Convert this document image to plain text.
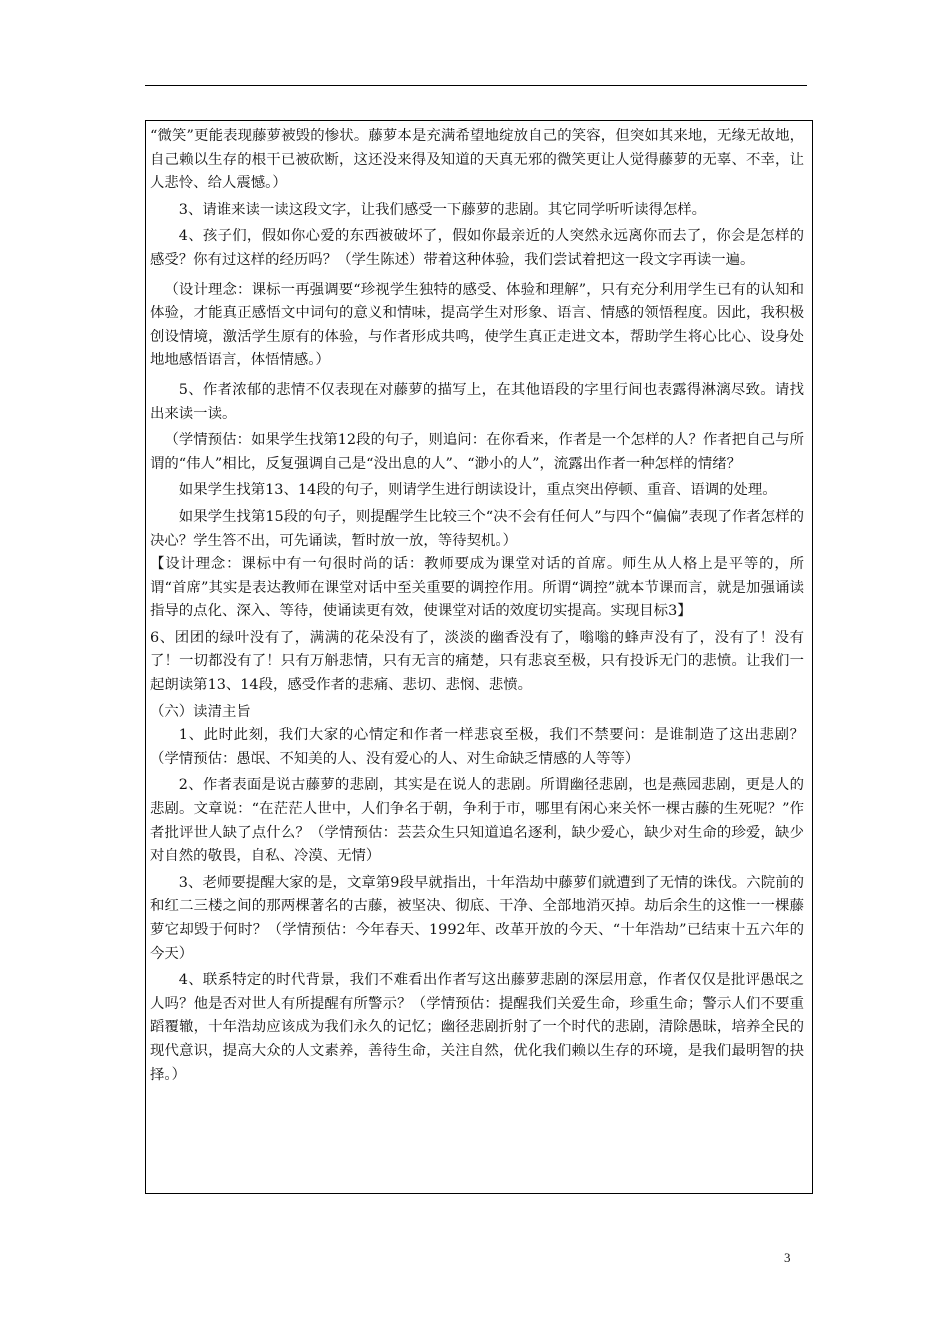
“微笑”更能表现藤萝被毁的惨状。藤萝本是充满希望地绽放自己的笑容，但突如其来地，无缘无故地，自己赖以生存的根干已被砍断，这还没来得及知道的天真无邪的微笑更让人觉得藤萝的无辜、不幸，让人悲怜、给人震憾。）

3、请谁来读一读这段文字，让我们感受一下藤萝的悲剧。其它同学听听读得怎样。

4、孩子们，假如你心爱的东西被破坏了，假如你最亲近的人突然永远离你而去了，你会是怎样的感受？你有过这样的经历吗？（学生陈述）带着这种体验，我们尝试着把这一段文字再读一遍。

（设计理念：课标一再强调要“珍视学生独特的感受、体验和理解”，只有充分利用学生已有的认知和体验，才能真正感悟文中词句的意义和情味，提高学生对形象、语言、情感的领悟程度。因此，我积极创设情境，激活学生原有的体验，与作者形成共鸣，使学生真正走进文本，帮助学生将心比心、设身处地地感悟语言，体悟情感。）

5、作者浓郁的悲情不仅表现在对藤萝的描写上，在其他语段的字里行间也表露得淋漓尽致。请找出来读一读。

（学情预估：如果学生找第12段的句子，则追问：在你看来，作者是一个怎样的人？作者把自己与所谓的“伟人”相比，反复强调自己是“没出息的人”、“渺小的人”，流露出作者一种怎样的情绪？

如果学生找第13、14段的句子，则请学生进行朗读设计，重点突出停顿、重音、语调的处理。

如果学生找第15段的句子，则提醒学生比较三个“决不会有任何人”与四个“偏偏”表现了作者怎样的决心？学生答不出，可先诵读，暂时放一放，等待契机。）

【设计理念：课标中有一句很时尚的话：教师要成为课堂对话的首席。师生从人格上是平等的，所谓“首席”其实是表达教师在课堂对话中至关重要的调控作用。所谓“调控”就本节课而言，就是加强诵读指导的点化、深入、等待，使诵读更有效，使课堂对话的效度切实提高。实现目标3】

6、团团的绿叶没有了，满满的花朵没有了，淡淡的幽香没有了，嗡嗡的蜂声没有了，没有了！没有了！一切都没有了！只有万斛悲情，只有无言的痛楚，只有悲哀至极，只有投诉无门的悲愤。让我们一起朗读第13、14段，感受作者的悲痛、悲切、悲悯、悲愤。

（六）读清主旨

1、此时此刻，我们大家的心情定和作者一样悲哀至极，我们不禁要问：是谁制造了这出悲剧？（学情预估：愚氓、不知美的人、没有爱心的人、对生命缺乏情感的人等等）

2、作者表面是说古藤萝的悲剧，其实是在说人的悲剧。所谓幽径悲剧，也是燕园悲剧，更是人的悲剧。文章说：“在茫茫人世中，人们争名于朝，争利于市，哪里有闲心来关怀一棵古藤的生死呢？”作者批评世人缺了点什么？（学情预估：芸芸众生只知道追名逐利，缺少爱心，缺少对生命的珍爱，缺少对自然的敬畏，自私、冷漠、无情）

3、老师要提醒大家的是，文章第9段早就指出，十年浩劫中藤萝们就遭到了无情的诛伐。六院前的和红二三楼之间的那两棵著名的古藤，被坚决、彻底、干净、全部地消灭掉。劫后余生的这惟一一棵藤萝它却毁于何时？（学情预估：今年春天、1992年、改革开放的今天、“十年浩劫”已结束十五六年的今天）

4、联系特定的时代背景，我们不难看出作者写这出藤萝悲剧的深层用意，作者仅仅是批评愚氓之人吗？他是否对世人有所提醒有所警示？（学情预估：提醒我们关爱生命，珍重生命；警示人们不要重蹈覆辙，十年浩劫应该成为我们永久的记忆；幽径悲剧折射了一个时代的悲剧，清除愚昧，培养全民的现代意识，提高大众的人文素养，善待生命，关注自然，优化我们赖以生存的环境，是我们最明智的抉择。）

3
